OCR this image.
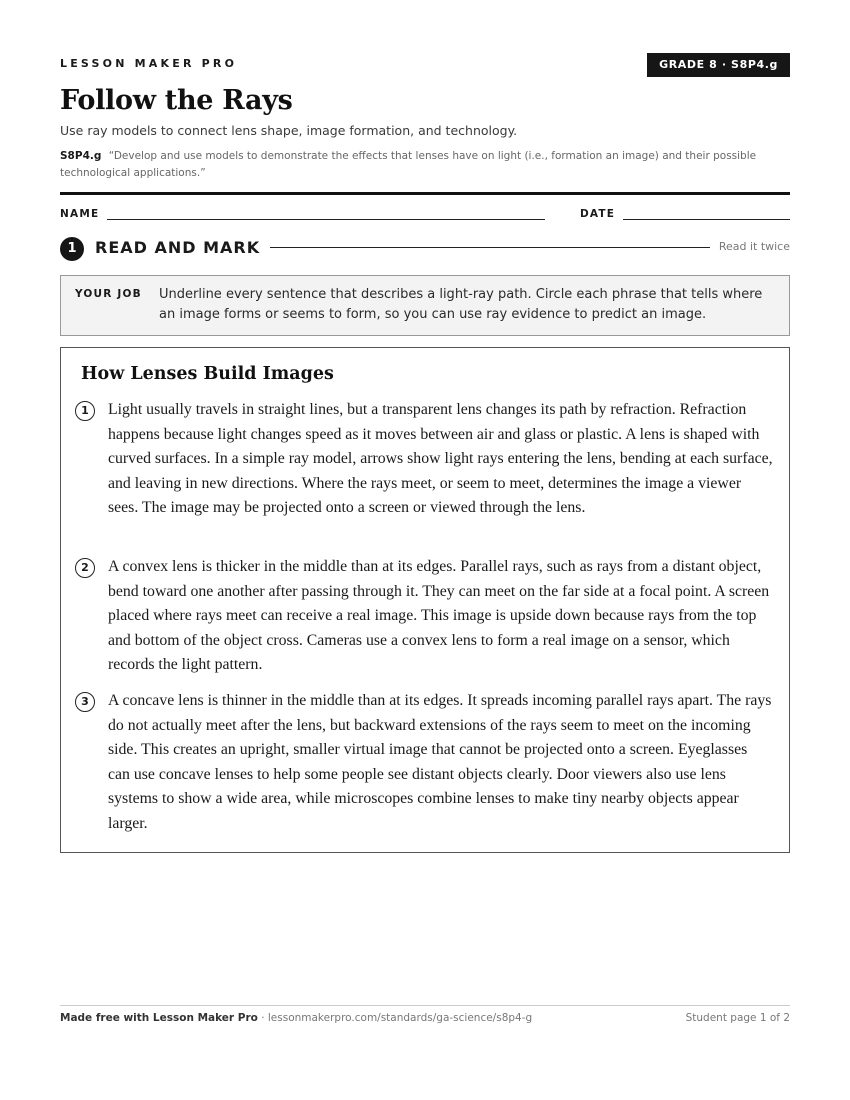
LESSON MAKER PRO	GRADE 8 · S8P4.g
Follow the Rays
Use ray models to connect lens shape, image formation, and technology.
S8P4.g “Develop and use models to demonstrate the effects that lenses have on light (i.e., formation an image) and their possible technological applications.”
NAME	DATE
1	READ AND MARK	Read it twice
YOUR JOB Underline every sentence that describes a light-ray path. Circle each phrase that tells where an image forms or seems to form, so you can use ray evidence to predict an image.
How Lenses Build Images
1	Light usually travels in straight lines, but a transparent lens changes its path by refraction. Refraction happens because light changes speed as it moves between air and glass or plastic. A lens is shaped with curved surfaces. In a simple ray model, arrows show light rays entering the lens, bending at each surface, and leaving in new directions. Where the rays meet, or seem to meet, determines the image a viewer sees. The image may be projected onto a screen or viewed through the lens.

2	A convex lens is thicker in the middle than at its edges. Parallel rays, such as rays from a distant object, bend toward one another after passing through it. They can meet on the far side at a focal point. A screen placed where rays meet can receive a real image. This image is upside down because rays from the top and bottom of the object cross. Cameras use a convex lens to form a real image on a sensor, which records the light pattern.

3	A concave lens is thinner in the middle than at its edges. It spreads incoming parallel rays apart. The rays do not actually meet after the lens, but backward extensions of the rays seem to meet on the incoming side. This creates an upright, smaller virtual image that cannot be projected onto a screen. Eyeglasses can use concave lenses to help some people see distant objects clearly. Door viewers also use lens systems to show a wide area, while microscopes combine lenses to make tiny nearby objects appear larger.

Made free with Lesson Maker Pro · lessonmakerpro.com/standards/ga-science/s8p4-g	Student page 1 of 2
